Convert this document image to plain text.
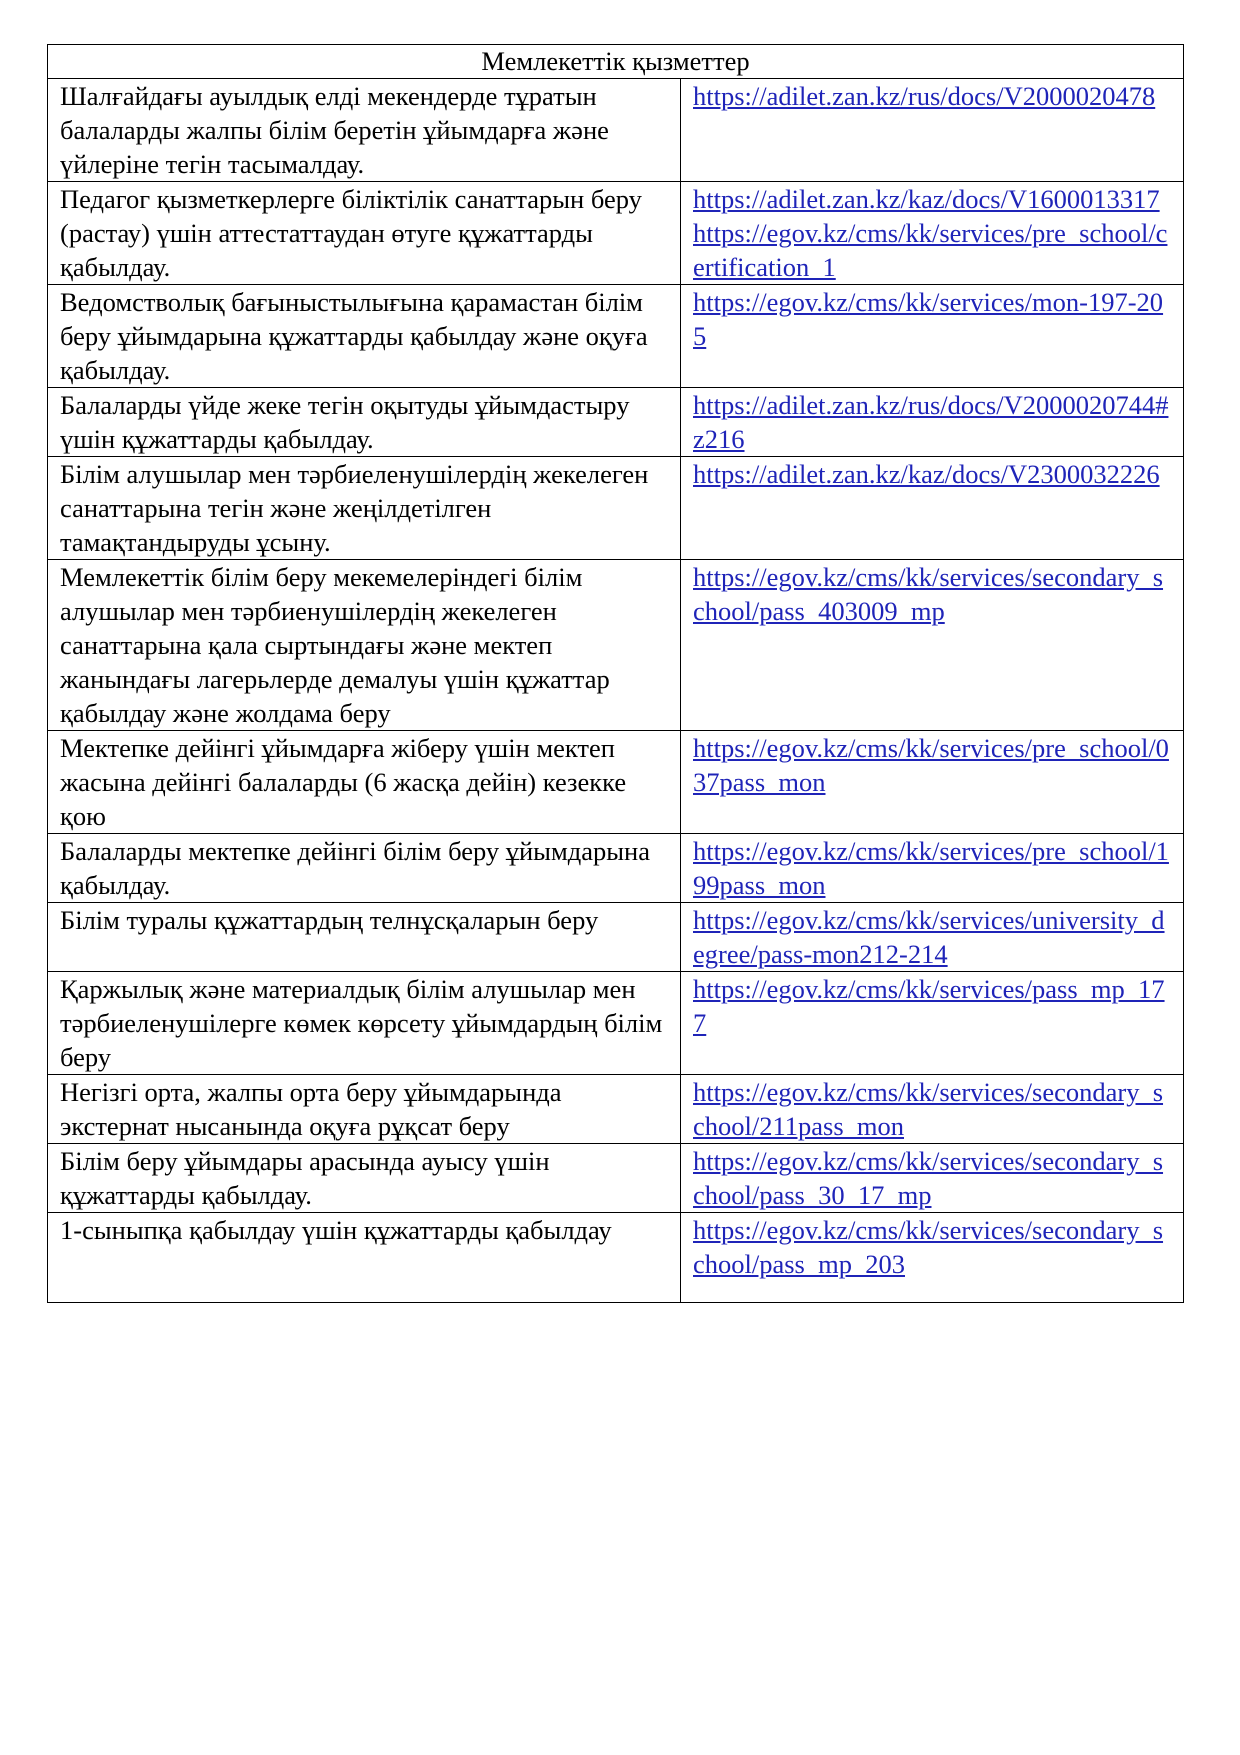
Мемлекеттік қызметтер	
Шалғайдағы ауылдық елді мекендерде тұратын балаларды жалпы білім беретін ұйымдарға және үйлеріне тегін тасымалдау.	https://adilet.zan.kz/rus/docs/V2000020478

Педагог қызметкерлерге біліктілік санаттарын беру (растау) үшін аттестаттаудан өтуге құжаттарды қабылдау.	https://adilet.zan.kz/kaz/docs/V1600013317
https://egov.kz/cms/kk/services/pre_school/certification_1

Ведомстволық бағыныстылығына қарамастан білім беру ұйымдарына құжаттарды қабылдау және оқуға қабылдау.	https://egov.kz/cms/kk/services/mon-197-205

Балаларды үйде жеке тегін оқытуды ұйымдастыру үшін құжаттарды қабылдау.	https://adilet.zan.kz/rus/docs/V2000020744#z216

Білім алушылар мен тәрбиеленушілердің жекелеген санаттарына тегін және жеңілдетілген тамақтандыруды ұсыну.	https://adilet.zan.kz/kaz/docs/V2300032226

Мемлекеттік білім беру мекемелеріндегі білім алушылар мен тәрбиенушілердің жекелеген санаттарына қала сыртындағы және мектеп жанындағы лагерьлерде демалуы үшін құжаттар қабылдау және жолдама беру	https://egov.kz/cms/kk/services/secondary_school/pass_403009_mp

Мектепке дейінгі ұйымдарға жіберу үшін мектеп жасына дейінгі балаларды (6 жасқа дейін) кезекке қою	https://egov.kz/cms/kk/services/pre_school/037pass_mon

Балаларды мектепке дейінгі білім беру ұйымдарына қабылдау.	https://egov.kz/cms/kk/services/pre_school/199pass_mon

Білім туралы құжаттардың телнұсқаларын беру	https://egov.kz/cms/kk/services/university_degree/pass-mon212-214

Қаржылық және материалдық білім алушылар мен тәрбиеленушілерге көмек көрсету ұйымдардың білім беру	https://egov.kz/cms/kk/services/pass_mp_177

Негізгі орта, жалпы орта беру ұйымдарында экстернат нысанында оқуға рұқсат беру	https://egov.kz/cms/kk/services/secondary_school/211pass_mon

Білім беру ұйымдары арасында ауысу үшін құжаттарды қабылдау.	https://egov.kz/cms/kk/services/secondary_school/pass_30_17_mp

1-сыныпқа қабылдау үшін құжаттарды қабылдау	https://egov.kz/cms/kk/services/secondary_school/pass_mp_203
